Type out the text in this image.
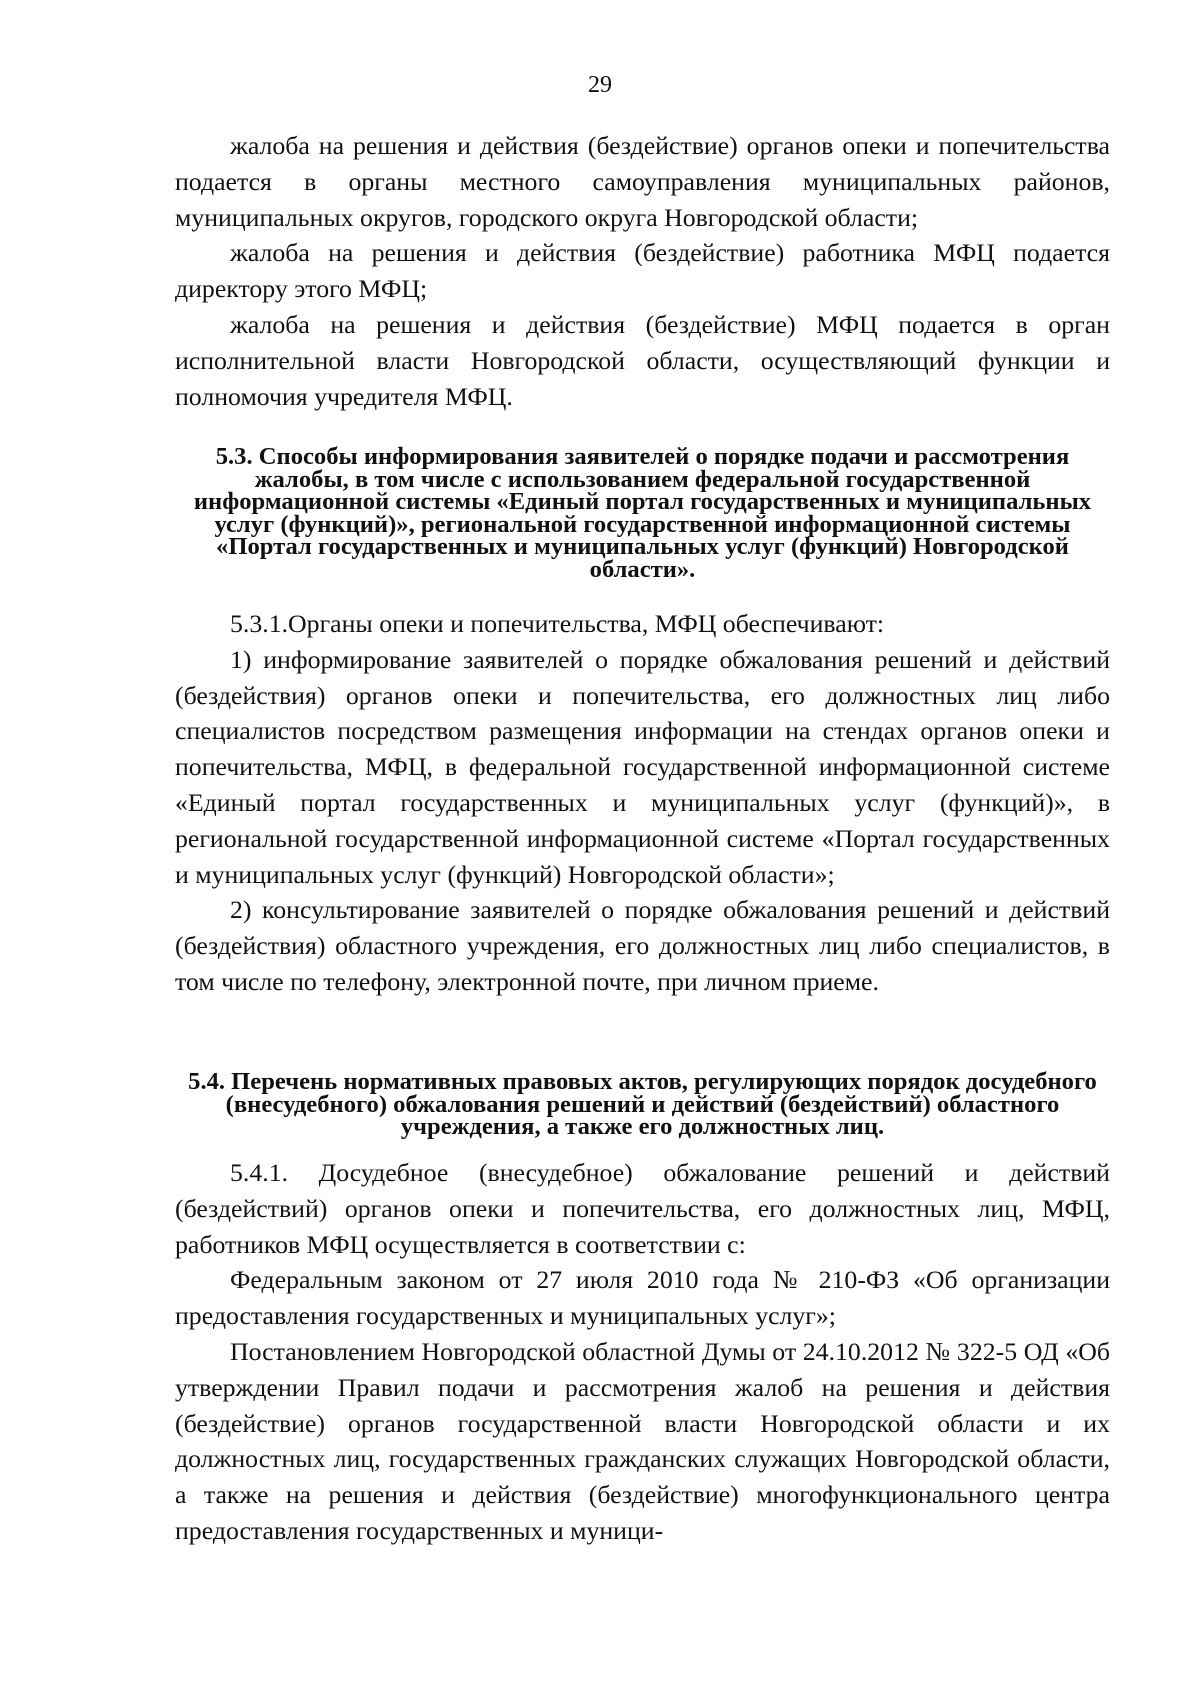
29

жалоба на решения и действия (бездействие) органов опеки и попечительства подается в органы местного самоуправления муниципальных районов, муниципальных округов, городского округа Новгородской области;

жалоба на решения и действия (бездействие) работника МФЦ подается директору этого МФЦ;

жалоба на решения и действия (бездействие) МФЦ подается в орган исполнительной власти Новгородской области, осуществляющий функции и полномочия учредителя МФЦ.

5.3. Способы информирования заявителей о порядке подачи и рассмотрения жалобы, в том числе с использованием федеральной государственной информационной системы «Единый портал государственных и муниципальных услуг (функций)», региональной государственной информационной системы «Портал государственных и муниципальных услуг (функций) Новгородской области».

5.3.1.Органы опеки и попечительства, МФЦ обеспечивают:

1) информирование заявителей о порядке обжалования решений и действий (бездействия) органов опеки и попечительства, его должностных лиц либо специалистов посредством размещения информации на стендах органов опеки и попечительства, МФЦ, в федеральной государственной информационной системе «Единый портал государственных и муниципальных услуг (функций)», в региональной государственной информационной системе «Портал государственных и муниципальных услуг (функций) Новгородской области»;

2) консультирование заявителей о порядке обжалования решений и действий (бездействия) областного учреждения, его должностных лиц либо специалистов, в том числе по телефону, электронной почте, при личном приеме.

5.4. Перечень нормативных правовых актов, регулирующих порядок досудебного (внесудебного) обжалования решений и действий (бездействий) областного учреждения, а также его должностных лиц.

5.4.1. Досудебное (внесудебное) обжалование решений и действий (бездействий) органов опеки и попечительства, его должностных лиц, МФЦ, работников МФЦ осуществляется в соответствии с:

Федеральным законом от 27 июля 2010 года № 210-ФЗ «Об организации предоставления государственных и муниципальных услуг»;

Постановлением Новгородской областной Думы от 24.10.2012 № 322-5 ОД «Об утверждении Правил подачи и рассмотрения жалоб на решения и действия (бездействие) органов государственной власти Новгородской области и их должностных лиц, государственных гражданских служащих Новгородской области, а также на решения и действия (бездействие) многофункционального центра предоставления государственных и муници-
